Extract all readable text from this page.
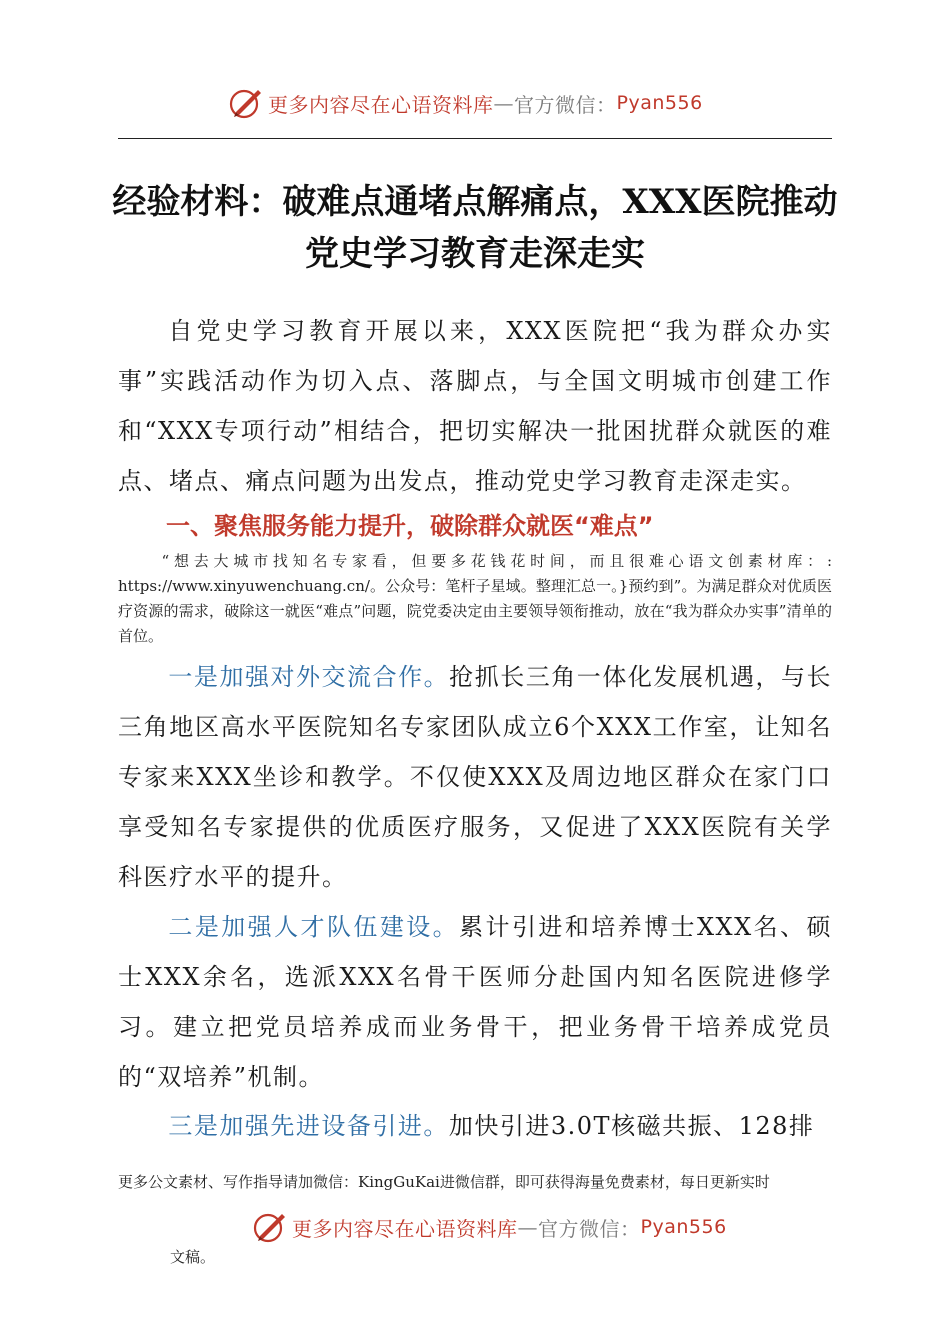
更多内容尽在心语资料库 — 官方微信： Pyan556
经验材料：破难点通堵点解痛点，XXX医院推动党史学习教育走深走实

自党史学习教育开展以来，XXX医院把“我为群众办实事”实践活动作为切入点、落脚点，与全国文明城市创建工作和“XXX专项行动”相结合，把切实解决一批困扰群众就医的难点、堵点、痛点问题为出发点，推动党史学习教育走深走实。

一、聚焦服务能力提升，破除群众就医“难点”

“想去大城市找知名专家看，但要多花钱花时间，而且很难心语文创素材库：: https://www.xinyuwenchuang.cn/。公众号：笔杆子星域。整理汇总一。}预约到”。为满足群众对优质医疗资源的需求，破除这一就医“难点”问题，院党委决定由主要领导领衔推动，放在“我为群众办实事”清单的首位。

一是加强对外交流合作。抢抓长三角一体化发展机遇，与长三角地区高水平医院知名专家团队成立6个XXX工作室，让知名专家来XXX坐诊和教学。不仅使XXX及周边地区群众在家门口享受知名专家提供的优质医疗服务，又促进了XXX医院有关学科医疗水平的提升。

二是加强人才队伍建设。累计引进和培养博士XXX名、硕士XXX余名，选派XXX名骨干医师分赴国内知名医院进修学习。建立把党员培养成而业务骨干，把业务骨干培养成党员的“双培养”机制。

三是加强先进设备引进。加快引进3.0T核磁共振、128排

更多公文素材、写作指导请加微信：KingGuKai进微信群，即可获得海量免费素材，每日更新实时

更多内容尽在心语资料库 — 官方微信： Pyan556

文稿。
